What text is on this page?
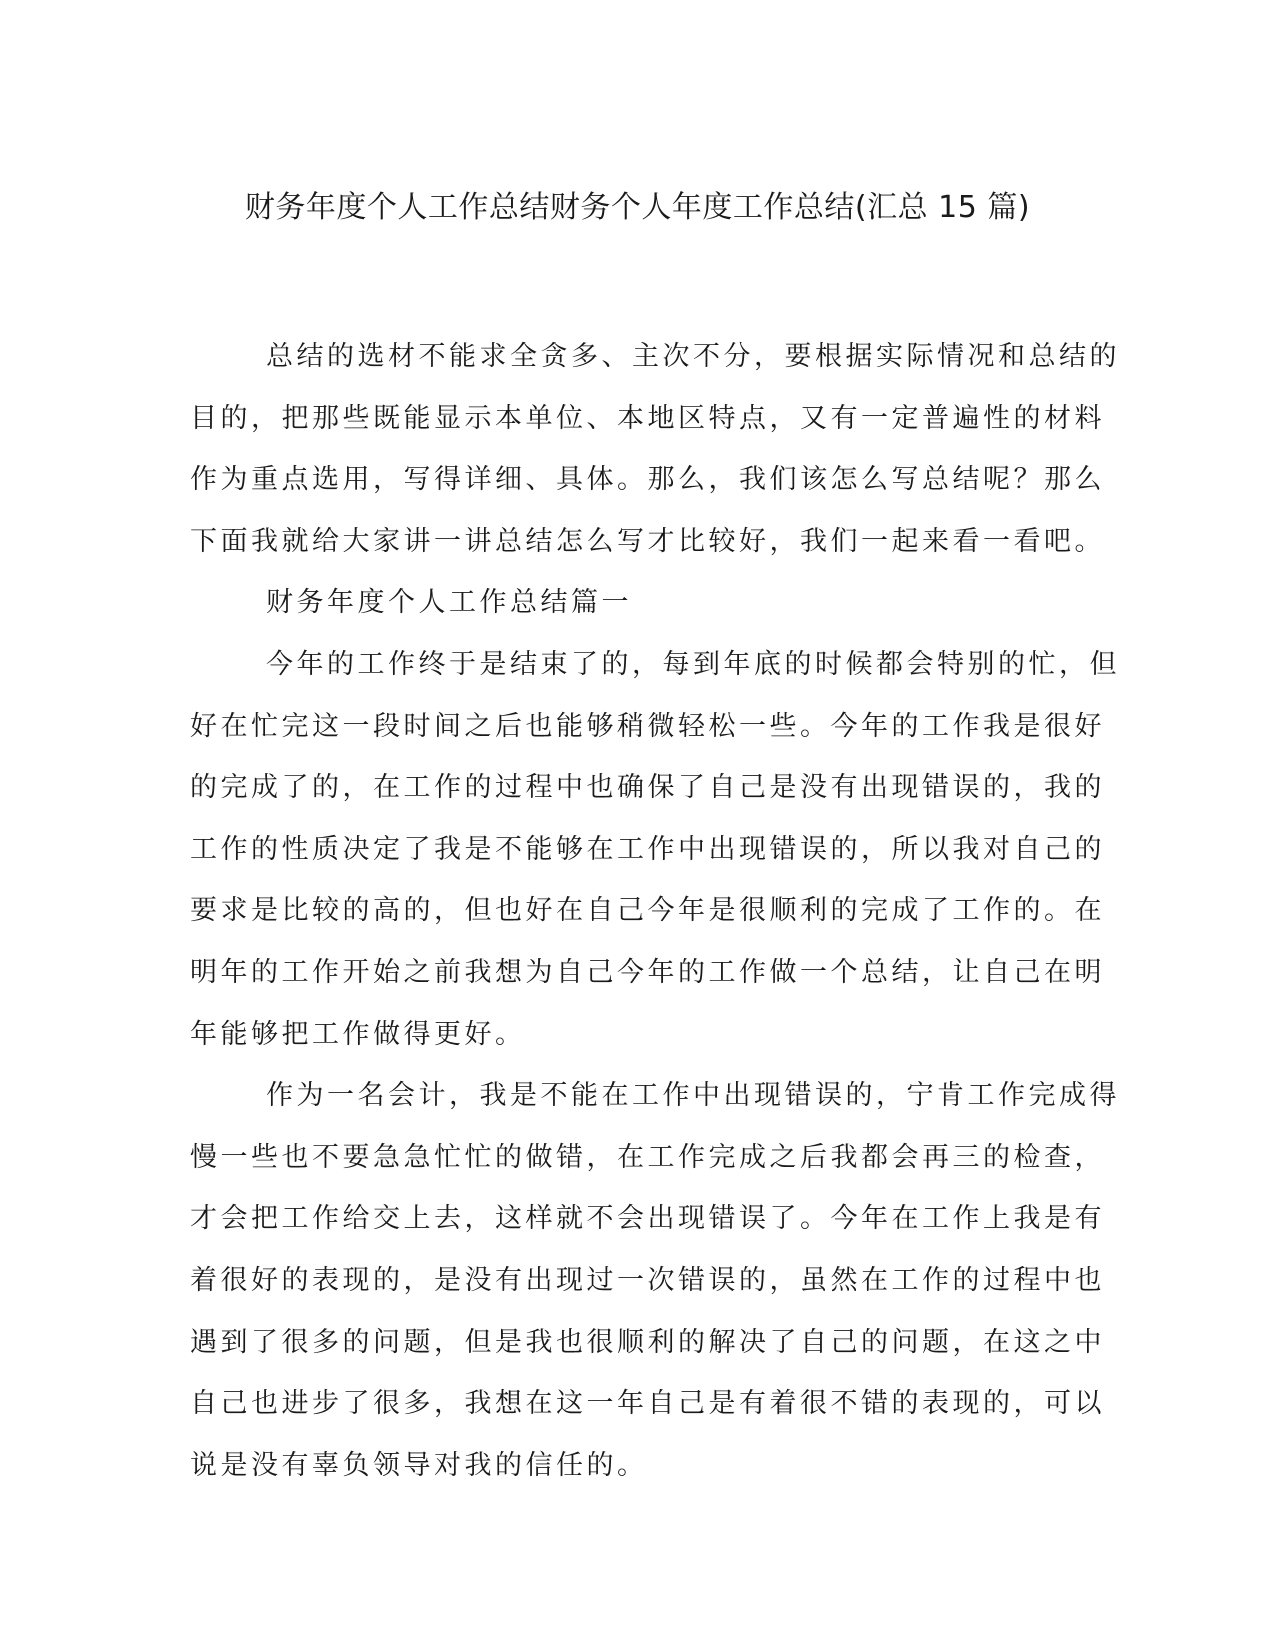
财务年度个人工作总结财务个人年度工作总结(汇总 15 篇)
总结的选材不能求全贪多、主次不分，要根据实际情况和总结的
目的，把那些既能显示本单位、本地区特点，又有一定普遍性的材料
作为重点选用，写得详细、具体。那么，我们该怎么写总结呢？那么
下面我就给大家讲一讲总结怎么写才比较好，我们一起来看一看吧。
财务年度个人工作总结篇一
今年的工作终于是结束了的，每到年底的时候都会特别的忙，但
好在忙完这一段时间之后也能够稍微轻松一些。今年的工作我是很好
的完成了的，在工作的过程中也确保了自己是没有出现错误的，我的
工作的性质决定了我是不能够在工作中出现错误的，所以我对自己的
要求是比较的高的，但也好在自己今年是很顺利的完成了工作的。在
明年的工作开始之前我想为自己今年的工作做一个总结，让自己在明
年能够把工作做得更好。
作为一名会计，我是不能在工作中出现错误的，宁肯工作完成得
慢一些也不要急急忙忙的做错，在工作完成之后我都会再三的检查，
才会把工作给交上去，这样就不会出现错误了。今年在工作上我是有
着很好的表现的，是没有出现过一次错误的，虽然在工作的过程中也
遇到了很多的问题，但是我也很顺利的解决了自己的问题，在这之中
自己也进步了很多，我想在这一年自己是有着很不错的表现的，可以
说是没有辜负领导对我的信任的。
